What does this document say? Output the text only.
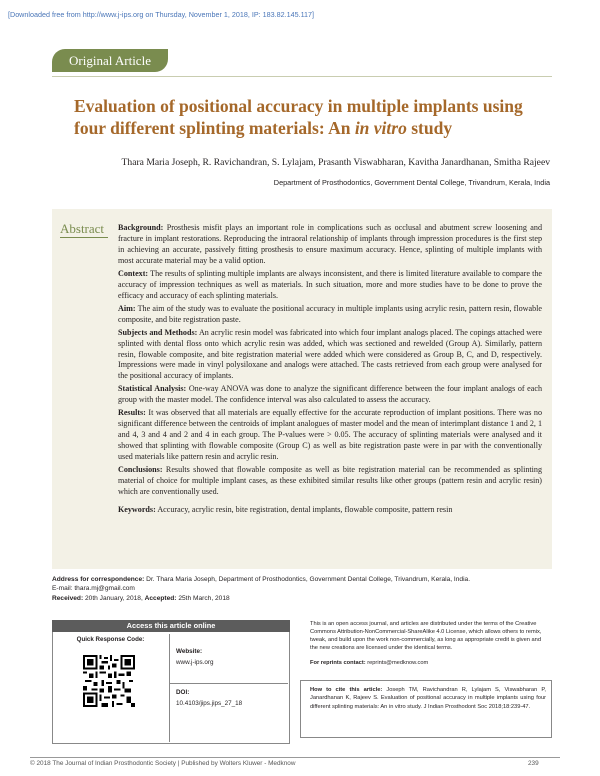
[Downloaded free from http://www.j-ips.org on Thursday, November 1, 2018, IP: 183.82.145.117]
Original Article
Evaluation of positional accuracy in multiple implants using four different splinting materials: An in vitro study
Thara Maria Joseph, R. Ravichandran, S. Lylajam, Prasanth Viswabharan, Kavitha Janardhanan, Smitha Rajeev
Department of Prosthodontics, Government Dental College, Trivandrum, Kerala, India
Abstract Background: Prosthesis misfit plays an important role in complications such as occlusal and abutment screw loosening and fracture in implant restorations. Reproducing the intraoral relationship of implants through impression procedures is the first step in achieving an accurate, passively fitting prosthesis to ensure maximum accuracy. Hence, splinting of multiple implants with most accurate material may be a valid option.

Context: The results of splinting multiple implants are always inconsistent, and there is limited literature available to compare the accuracy of impression techniques as well as materials. In such situation, more and more studies have to be done to prove the efficacy and accuracy of each splinting materials.

Aim: The aim of the study was to evaluate the positional accuracy in multiple implants using acrylic resin, pattern resin, flowable composite, and bite registration paste.

Subjects and Methods: An acrylic resin model was fabricated into which four implant analogs placed. The copings attached were splinted with dental floss onto which acrylic resin was added, which was sectioned and rewelded (Group A). Similarly, pattern resin, flowable composite, and bite registration material were added which were considered as Group B, C, and D, respectively. Impressions were made in vinyl polysiloxane and analogs were attached. The casts retrieved from each group were analysed for the positional accuracy of implants.

Statistical Analysis: One-way ANOVA was done to analyze the significant difference between the four implant analogs of each group with the master model. The confidence interval was also calculated to assess the accuracy.

Results: It was observed that all materials are equally effective for the accurate reproduction of implant positions. There was no significant difference between the centroids of implant analogues of master model and the mean of interimplant distance 1 and 2, 1 and 4, 3 and 4 and 2 and 4 in each group. The P-values were > 0.05. The accuracy of splinting materials were analysed and it showed that splinting with flowable composite (Group C) as well as bite registration paste were in par with the conventionally used materials like pattern resin and acrylic resin.

Conclusions: Results showed that flowable composite as well as bite registration material can be recommended as splinting material of choice for multiple implant cases, as these exhibited similar results like other groups (pattern resin and acrylic resin) which are conventionally used.

Keywords: Accuracy, acrylic resin, bite registration, dental implants, flowable composite, pattern resin

Address for correspondence: Dr. Thara Maria Joseph, Department of Prosthodontics, Government Dental College, Trivandrum, Kerala, India.
E-mail: thara.mj@gmail.com
Received: 20th January, 2018, Accepted: 25th March, 2018
Access this article online
Quick Response Code:
Website:
www.j-ips.org
DOI:
10.4103/jips.jips_27_18
This is an open access journal, and articles are distributed under the terms of the Creative Commons Attribution-NonCommercial-ShareAlike 4.0 License, which allows others to remix, tweak, and build upon the work non-commercially, as long as appropriate credit is given and the new creations are licensed under the identical terms.
For reprints contact: reprints@medknow.com
How to cite this article: Joseph TM, Ravichandran R, Lylajam S, Viswabharan P, Janardhanan K, Rajeev S. Evaluation of positional accuracy in multiple implants using four different splinting materials: An in vitro study. J Indian Prosthodont Soc 2018;18:239-47.
© 2018 The Journal of Indian Prosthodontic Society | Published by Wolters Kluwer - Medknow	239
